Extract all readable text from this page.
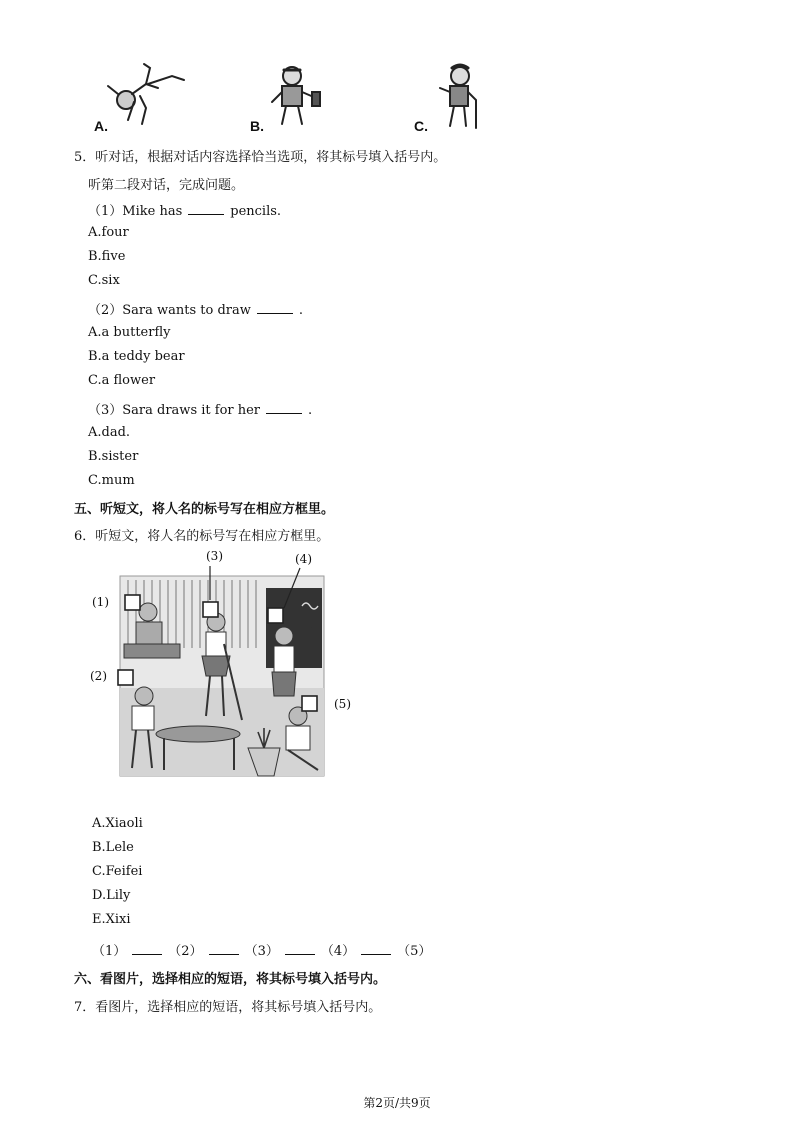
A.	B.	C.
5．听对话，根据对话内容选择恰当选项，将其标号填入括号内。
听第二段对话，完成问题。
（1）Mike has	pencils.
A.four
B.five
C.six
（2）Sara wants to draw	.
A.a butterfly
B.a teddy bear
C.a flower
（3）Sara draws it for her	.
A.dad.
B.sister
C.mum
五、听短文，将人名的标号写在相应方框里。
6．听短文，将人名的标号写在相应方框里。
(1)
(2)
(3)	(4)
(5)
A.Xiaoli
B.Lele
C.Feifei
D.Lily
E.Xixi
（1）	（2）	（3）	（4）	（5）
六、看图片，选择相应的短语，将其标号填入括号内。
7．看图片，选择相应的短语，将其标号填入括号内。
第2页/共9页
